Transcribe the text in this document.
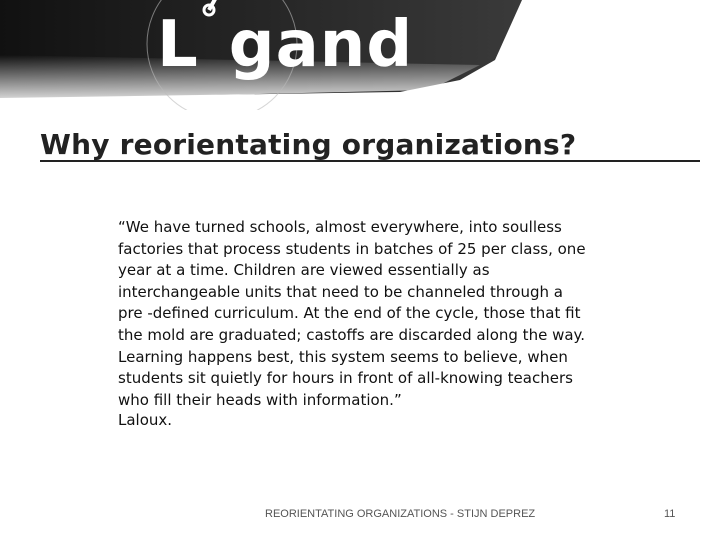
L gand
Why reorientating organizations?

“We have turned schools, almost everywhere, into soulless factories that process students in batches of 25 per class, one year at a time. Children are viewed essentially as interchangeable units that need to be channeled through a pre -defined curriculum. At the end of the cycle, those that fit the mold are graduated; castoffs are discarded along the way. Learning happens best, this system seems to believe, when students sit quietly for hours in front of all-knowing teachers who fill their heads with information.”

Laloux.
REORIENTATING ORGANIZATIONS - STIJN DEPREZ	11
